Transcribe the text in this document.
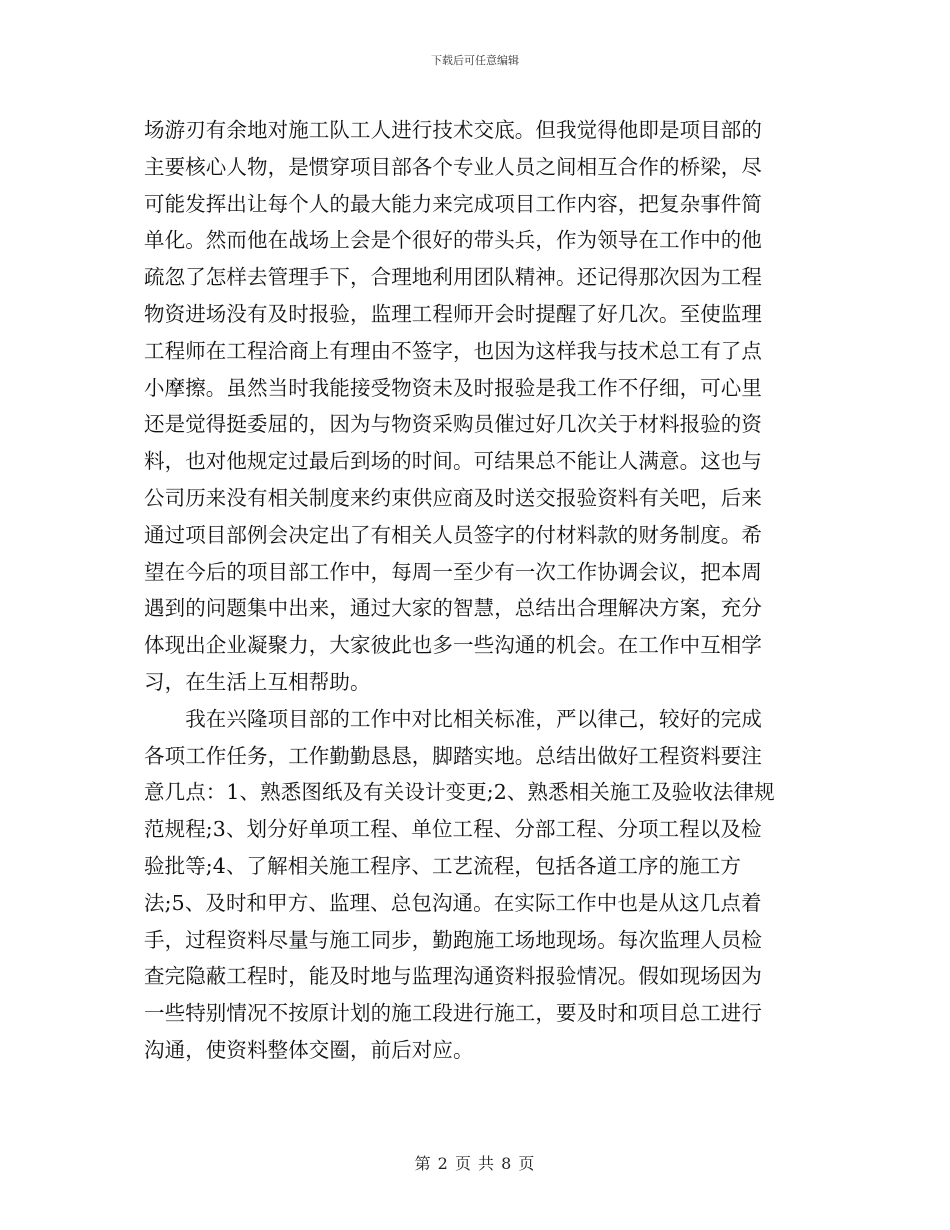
下载后可任意编辑
场游刃有余地对施工队工人进行技术交底。但我觉得他即是项目部的
主要核心人物，是惯穿项目部各个专业人员之间相互合作的桥梁，尽
可能发挥出让每个人的最大能力来完成项目工作内容，把复杂事件简
单化。然而他在战场上会是个很好的带头兵，作为领导在工作中的他
疏忽了怎样去管理手下，合理地利用团队精神。还记得那次因为工程
物资进场没有及时报验，监理工程师开会时提醒了好几次。至使监理
工程师在工程洽商上有理由不签字，也因为这样我与技术总工有了点
小摩擦。虽然当时我能接受物资未及时报验是我工作不仔细，可心里
还是觉得挺委屈的，因为与物资采购员催过好几次关于材料报验的资
料，也对他规定过最后到场的时间。可结果总不能让人满意。这也与
公司历来没有相关制度来约束供应商及时送交报验资料有关吧，后来
通过项目部例会决定出了有相关人员签字的付材料款的财务制度。希
望在今后的项目部工作中，每周一至少有一次工作协调会议，把本周
遇到的问题集中出来，通过大家的智慧，总结出合理解决方案，充分
体现出企业凝聚力，大家彼此也多一些沟通的机会。在工作中互相学
习，在生活上互相帮助。
　　我在兴隆项目部的工作中对比相关标准，严以律己，较好的完成
各项工作任务，工作勤勤恳恳，脚踏实地。总结出做好工程资料要注
意几点：1、熟悉图纸及有关设计变更;2、熟悉相关施工及验收法律规
范规程;3、划分好单项工程、单位工程、分部工程、分项工程以及检
验批等;4、了解相关施工程序、工艺流程，包括各道工序的施工方
法;5、及时和甲方、监理、总包沟通。在实际工作中也是从这几点着
手，过程资料尽量与施工同步，勤跑施工场地现场。每次监理人员检
查完隐蔽工程时，能及时地与监理沟通资料报验情况。假如现场因为
一些特别情况不按原计划的施工段进行施工，要及时和项目总工进行
沟通，使资料整体交圈，前后对应。
第 2 页 共 8 页
